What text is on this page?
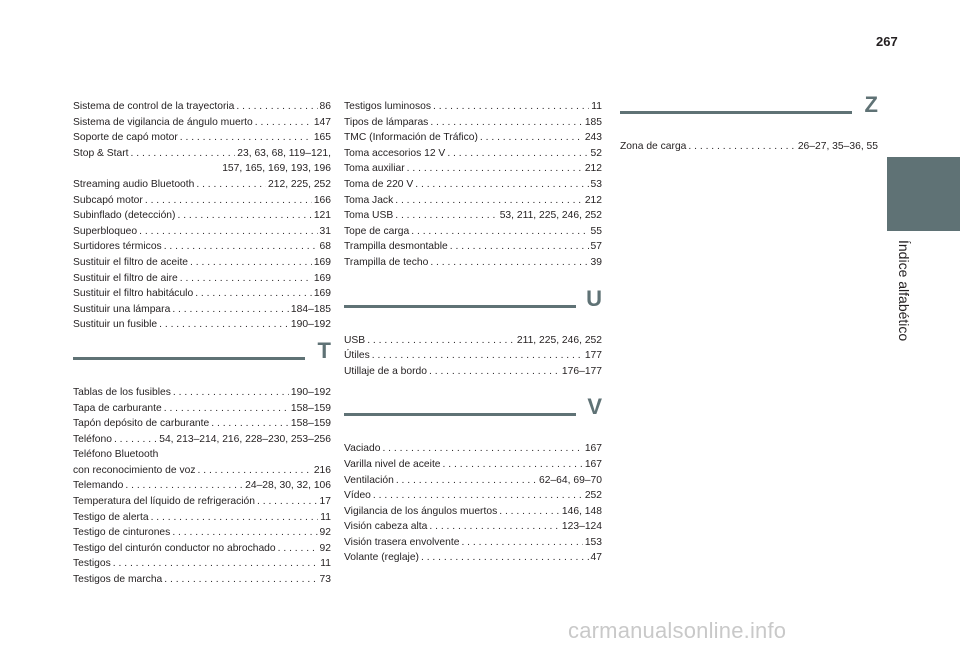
267
Índice alfabético
Sistema de control de la trayectoria . . .	86
Sistema de vigilancia de ángulo muerto . . .	147
Soporte de capó motor . . .	165
Stop & Start . . .	23, 63, 68, 119–121,
157, 165, 169, 193, 196
Streaming audio Bluetooth . . .	212, 225, 252
Subcapó motor . . .	166
Subinflado (detección) . . .	121
Superbloqueo . . .	31
Surtidores térmicos . . .	68
Sustituir el filtro de aceite . . .	169
Sustituir el filtro de aire . . .	169
Sustituir el filtro habitáculo . . .	169
Sustituir una lámpara . . .	184–185
Sustituir un fusible . . .	190–192
T
Tablas de los fusibles . . .	190–192
Tapa de carburante . . .	158–159
Tapón depósito de carburante . . .	158–159
Teléfono . . .	54, 213–214, 216, 228–230, 253–256
Teléfono Bluetooth
con reconocimiento de voz . . .	216
Telemando . . .	24–28, 30, 32, 106
Temperatura del líquido de refrigeración . . .	17
Testigo de alerta . . .	11
Testigo de cinturones . . .	92
Testigo del cinturón conductor no abrochado . . .	92
Testigos . . .	11
Testigos de marcha . . .	73
Testigos luminosos . . .	11
Tipos de lámparas . . .	185
TMC (Información de Tráfico) . . .	243
Toma accesorios 12 V . . .	52
Toma auxiliar . . .	212
Toma de 220 V . . .	53
Toma Jack . . .	212
Toma USB . . .	53, 211, 225, 246, 252
Tope de carga . . .	55
Trampilla desmontable . . .	57
Trampilla de techo . . .	39
U
USB . . .	211, 225, 246, 252
Útiles . . .	177
Utillaje de a bordo . . .	176–177
V
Vaciado . . .	167
Varilla nivel de aceite . . .	167
Ventilación . . .	62–64, 69–70
Vídeo . . .	252
Vigilancia de los ángulos muertos . . .	146, 148
Visión cabeza alta . . .	123–124
Visión trasera envolvente . . .	153
Volante (reglaje) . . .	47
Z
Zona de carga . . .	26–27, 35–36, 55
carmanualsonline.info
